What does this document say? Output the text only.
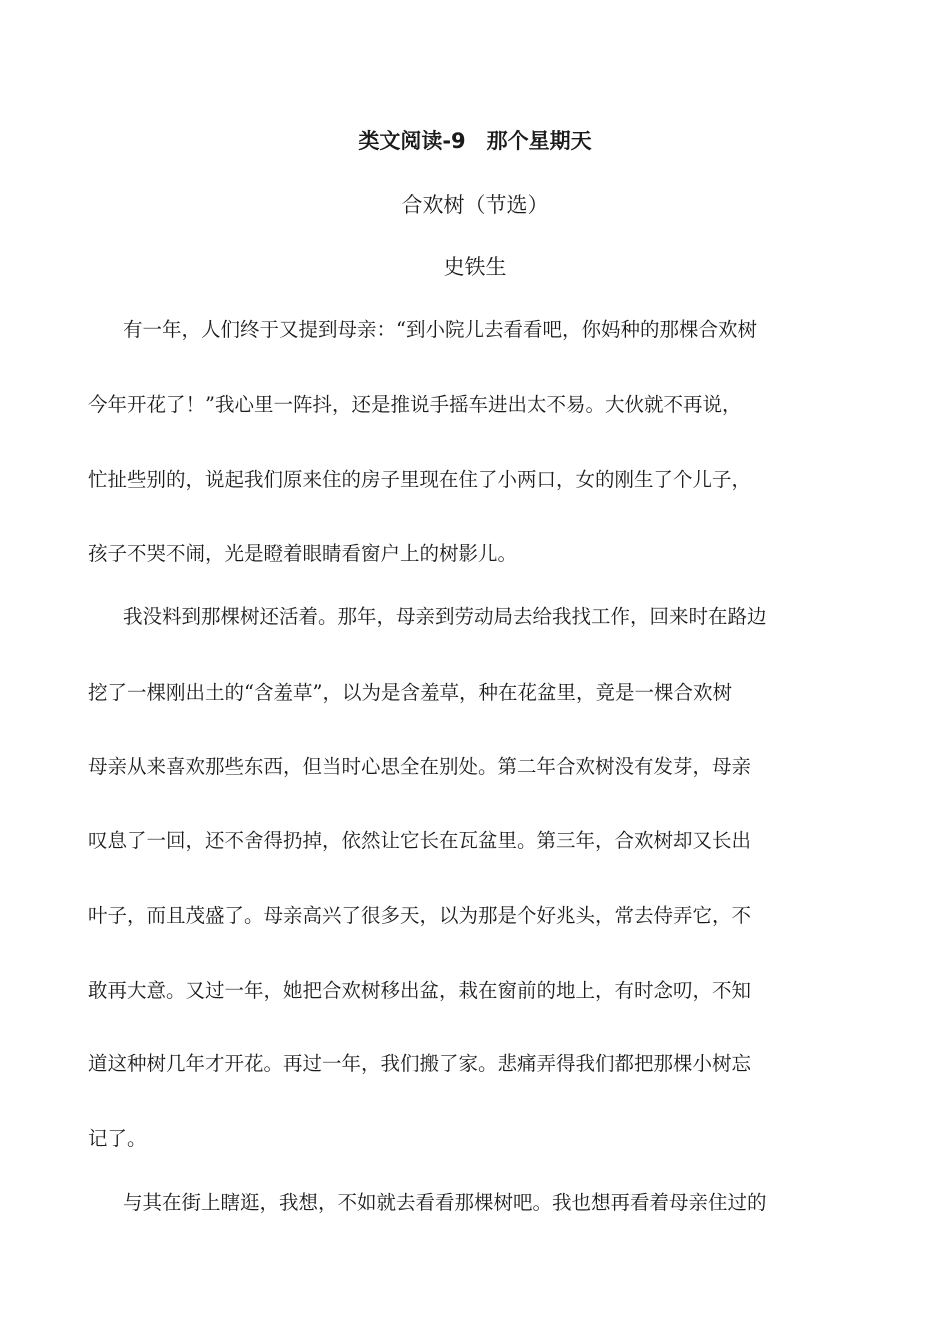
类文阅读-9　那个星期天
合欢树（节选）
史铁生
有一年，人们终于又提到母亲：“到小院儿去看看吧，你妈种的那棵合欢树
今年开花了！”我心里一阵抖，还是推说手摇车进出太不易。大伙就不再说，
忙扯些别的，说起我们原来住的房子里现在住了小两口，女的刚生了个儿子，
孩子不哭不闹，光是瞪着眼睛看窗户上的树影儿。
我没料到那棵树还活着。那年，母亲到劳动局去给我找工作，回来时在路边
挖了一棵刚出土的“含羞草”，以为是含羞草，种在花盆里，竟是一棵合欢树
母亲从来喜欢那些东西，但当时心思全在别处。第二年合欢树没有发芽，母亲
叹息了一回，还不舍得扔掉，依然让它长在瓦盆里。第三年，合欢树却又长出
叶子，而且茂盛了。母亲高兴了很多天，以为那是个好兆头，常去侍弄它，不
敢再大意。又过一年，她把合欢树移出盆，栽在窗前的地上，有时念叨，不知
道这种树几年才开花。再过一年，我们搬了家。悲痛弄得我们都把那棵小树忘
记了。
与其在街上瞎逛，我想，不如就去看看那棵树吧。我也想再看着母亲住过的
